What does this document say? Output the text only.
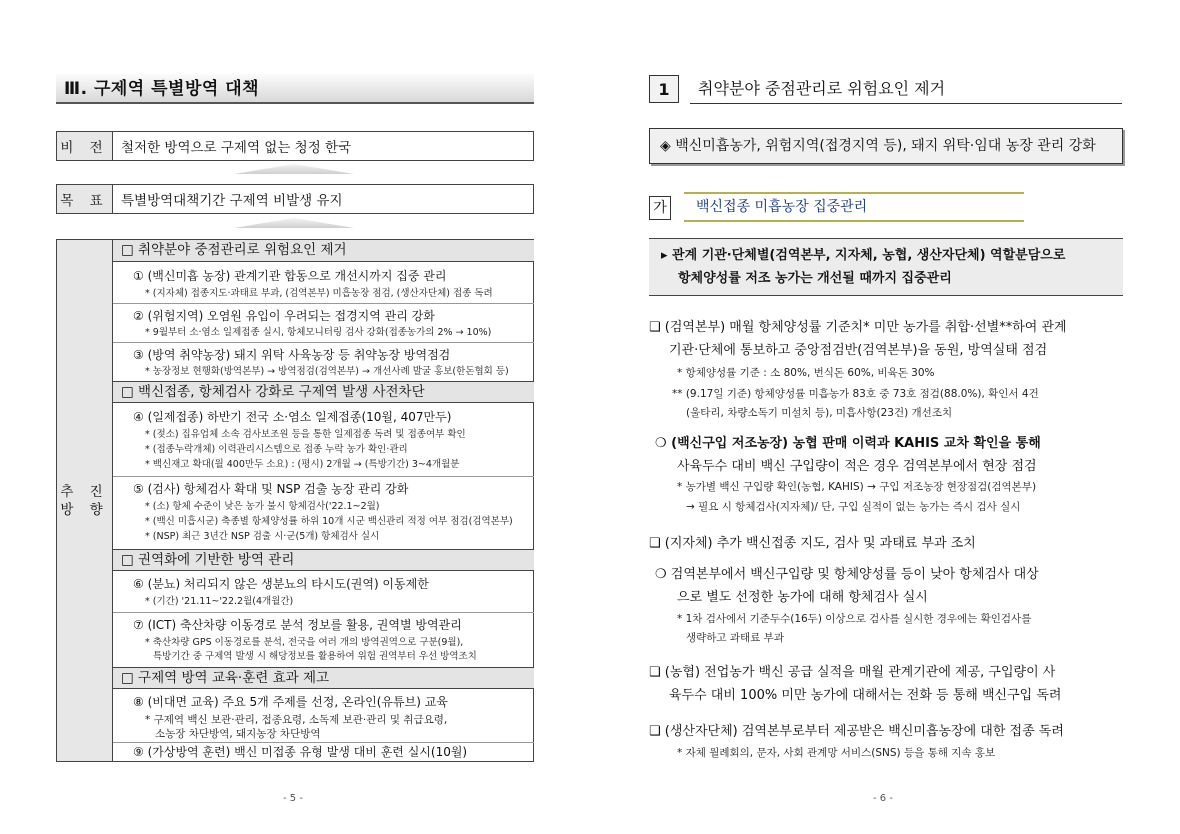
Ⅲ. 구제역 특별방역 대책
비 전 철저한 방역으로 구제역 없는 청정 한국
목 표 특별방역대책기간 구제역 비발생 유지
추 진
방 향
□ 취약분야 중점관리로 위험요인 제거
① (백신미흡 농장) 관계기관 합동으로 개선시까지 집중 관리
* (지자체) 접종지도·과태료 부과, (검역본부) 미흡농장 점검, (생산자단체) 접종 독려
② (위험지역) 오염원 유입이 우려되는 접경지역 관리 강화
* 9월부터 소·염소 일제접종 실시, 항체모니터링 검사 강화(접종농가의 2% → 10%)
③ (방역 취약농장) 돼지 위탁 사육농장 등 취약농장 방역점검
* 농장정보 현행화(방역본부) → 방역점검(검역본부) → 개선사례 발굴 홍보(한돈협회 등)
□ 백신접종, 항체검사 강화로 구제역 발생 사전차단
④ (일제접종) 하반기 전국 소·염소 일제접종(10월, 407만두)
* (젖소) 집유업체 소속 검사보조원 등을 통한 일제접종 독려 및 접종여부 확인
* (접종누락개체) 이력관리시스템으로 접종 누락 농가 확인·관리
* 백신재고 확대(월 400만두 소요) : (평시) 2개월 → (특방기간) 3~4개월분
⑤ (검사) 항체검사 확대 및 NSP 검출 농장 관리 강화
* (소) 항체 수준이 낮은 농가 불시 항체검사('22.1~2월)
* (백신 미흡시군) 축종별 항체양성률 하위 10개 시군 백신관리 적정 여부 점검(검역본부)
* (NSP) 최근 3년간 NSP 검출 시·군(5개) 항체검사 실시
□ 권역화에 기반한 방역 관리
⑥ (분뇨) 처리되지 않은 생분뇨의 타시도(권역) 이동제한
* (기간) '21.11~'22.2월(4개월간)
⑦ (ICT) 축산차량 이동경로 분석 정보를 활용, 권역별 방역관리
* 축산차량 GPS 이동경로를 분석, 전국을 여러 개의 방역권역으로 구분(9월),
특방기간 중 구제역 발생 시 해당정보를 활용하여 위험 권역부터 우선 방역조치
□ 구제역 방역 교육·훈련 효과 제고
⑧ (비대면 교육) 주요 5개 주제를 선정, 온라인(유튜브) 교육
* 구제역 백신 보관·관리, 접종요령, 소독제 보관·관리 및 취급요령,
소농장 차단방역, 돼지농장 차단방역
⑨ (가상방역 훈련) 백신 미접종 유형 발생 대비 훈련 실시(10월)
- 5 -
1	취약분야 중점관리로 위험요인 제거
◈ 백신미흡농가, 위험지역(접경지역 등), 돼지 위탁·임대 농장 관리 강화
가	백신접종 미흡농장 집중관리
▸ 관계 기관·단체별(검역본부, 지자체, 농협, 생산자단체) 역할분담으로
항체양성률 저조 농가는 개선될 때까지 집중관리
❑ (검역본부) 매월 항체양성률 기준치* 미만 농가를 취합·선별**하여 관계
기관·단체에 통보하고 중앙점검반(검역본부)을 동원, 방역실태 점검
* 항체양성률 기준 : 소 80%, 번식돈 60%, 비육돈 30%
** (9.17일 기준) 항체양성률 미흡농가 83호 중 73호 점검(88.0%), 확인서 4건
(울타리, 차량소독기 미설치 등), 미흡사항(23건) 개선조치
❍ (백신구입 저조농장) 농협 판매 이력과 KAHIS 교차 확인을 통해
사육두수 대비 백신 구입량이 적은 경우 검역본부에서 현장 점검
* 농가별 백신 구입량 확인(농협, KAHIS) → 구입 저조농장 현장점검(검역본부)
→ 필요 시 항체검사(지자체)/ 단, 구입 실적이 없는 농가는 즉시 검사 실시
❑ (지자체) 추가 백신접종 지도, 검사 및 과태료 부과 조치
❍ 검역본부에서 백신구입량 및 항체양성률 등이 낮아 항체검사 대상
으로 별도 선정한 농가에 대해 항체검사 실시
* 1차 검사에서 기준두수(16두) 이상으로 검사를 실시한 경우에는 확인검사를
생략하고 과태료 부과
❑ (농협) 전업농가 백신 공급 실적을 매월 관계기관에 제공, 구입량이 사
육두수 대비 100% 미만 농가에 대해서는 전화 등 통해 백신구입 독려
❑ (생산자단체) 검역본부로부터 제공받은 백신미흡농장에 대한 접종 독려
* 자체 월례회의, 문자, 사회 관계망 서비스(SNS) 등을 통해 지속 홍보
- 6 -
